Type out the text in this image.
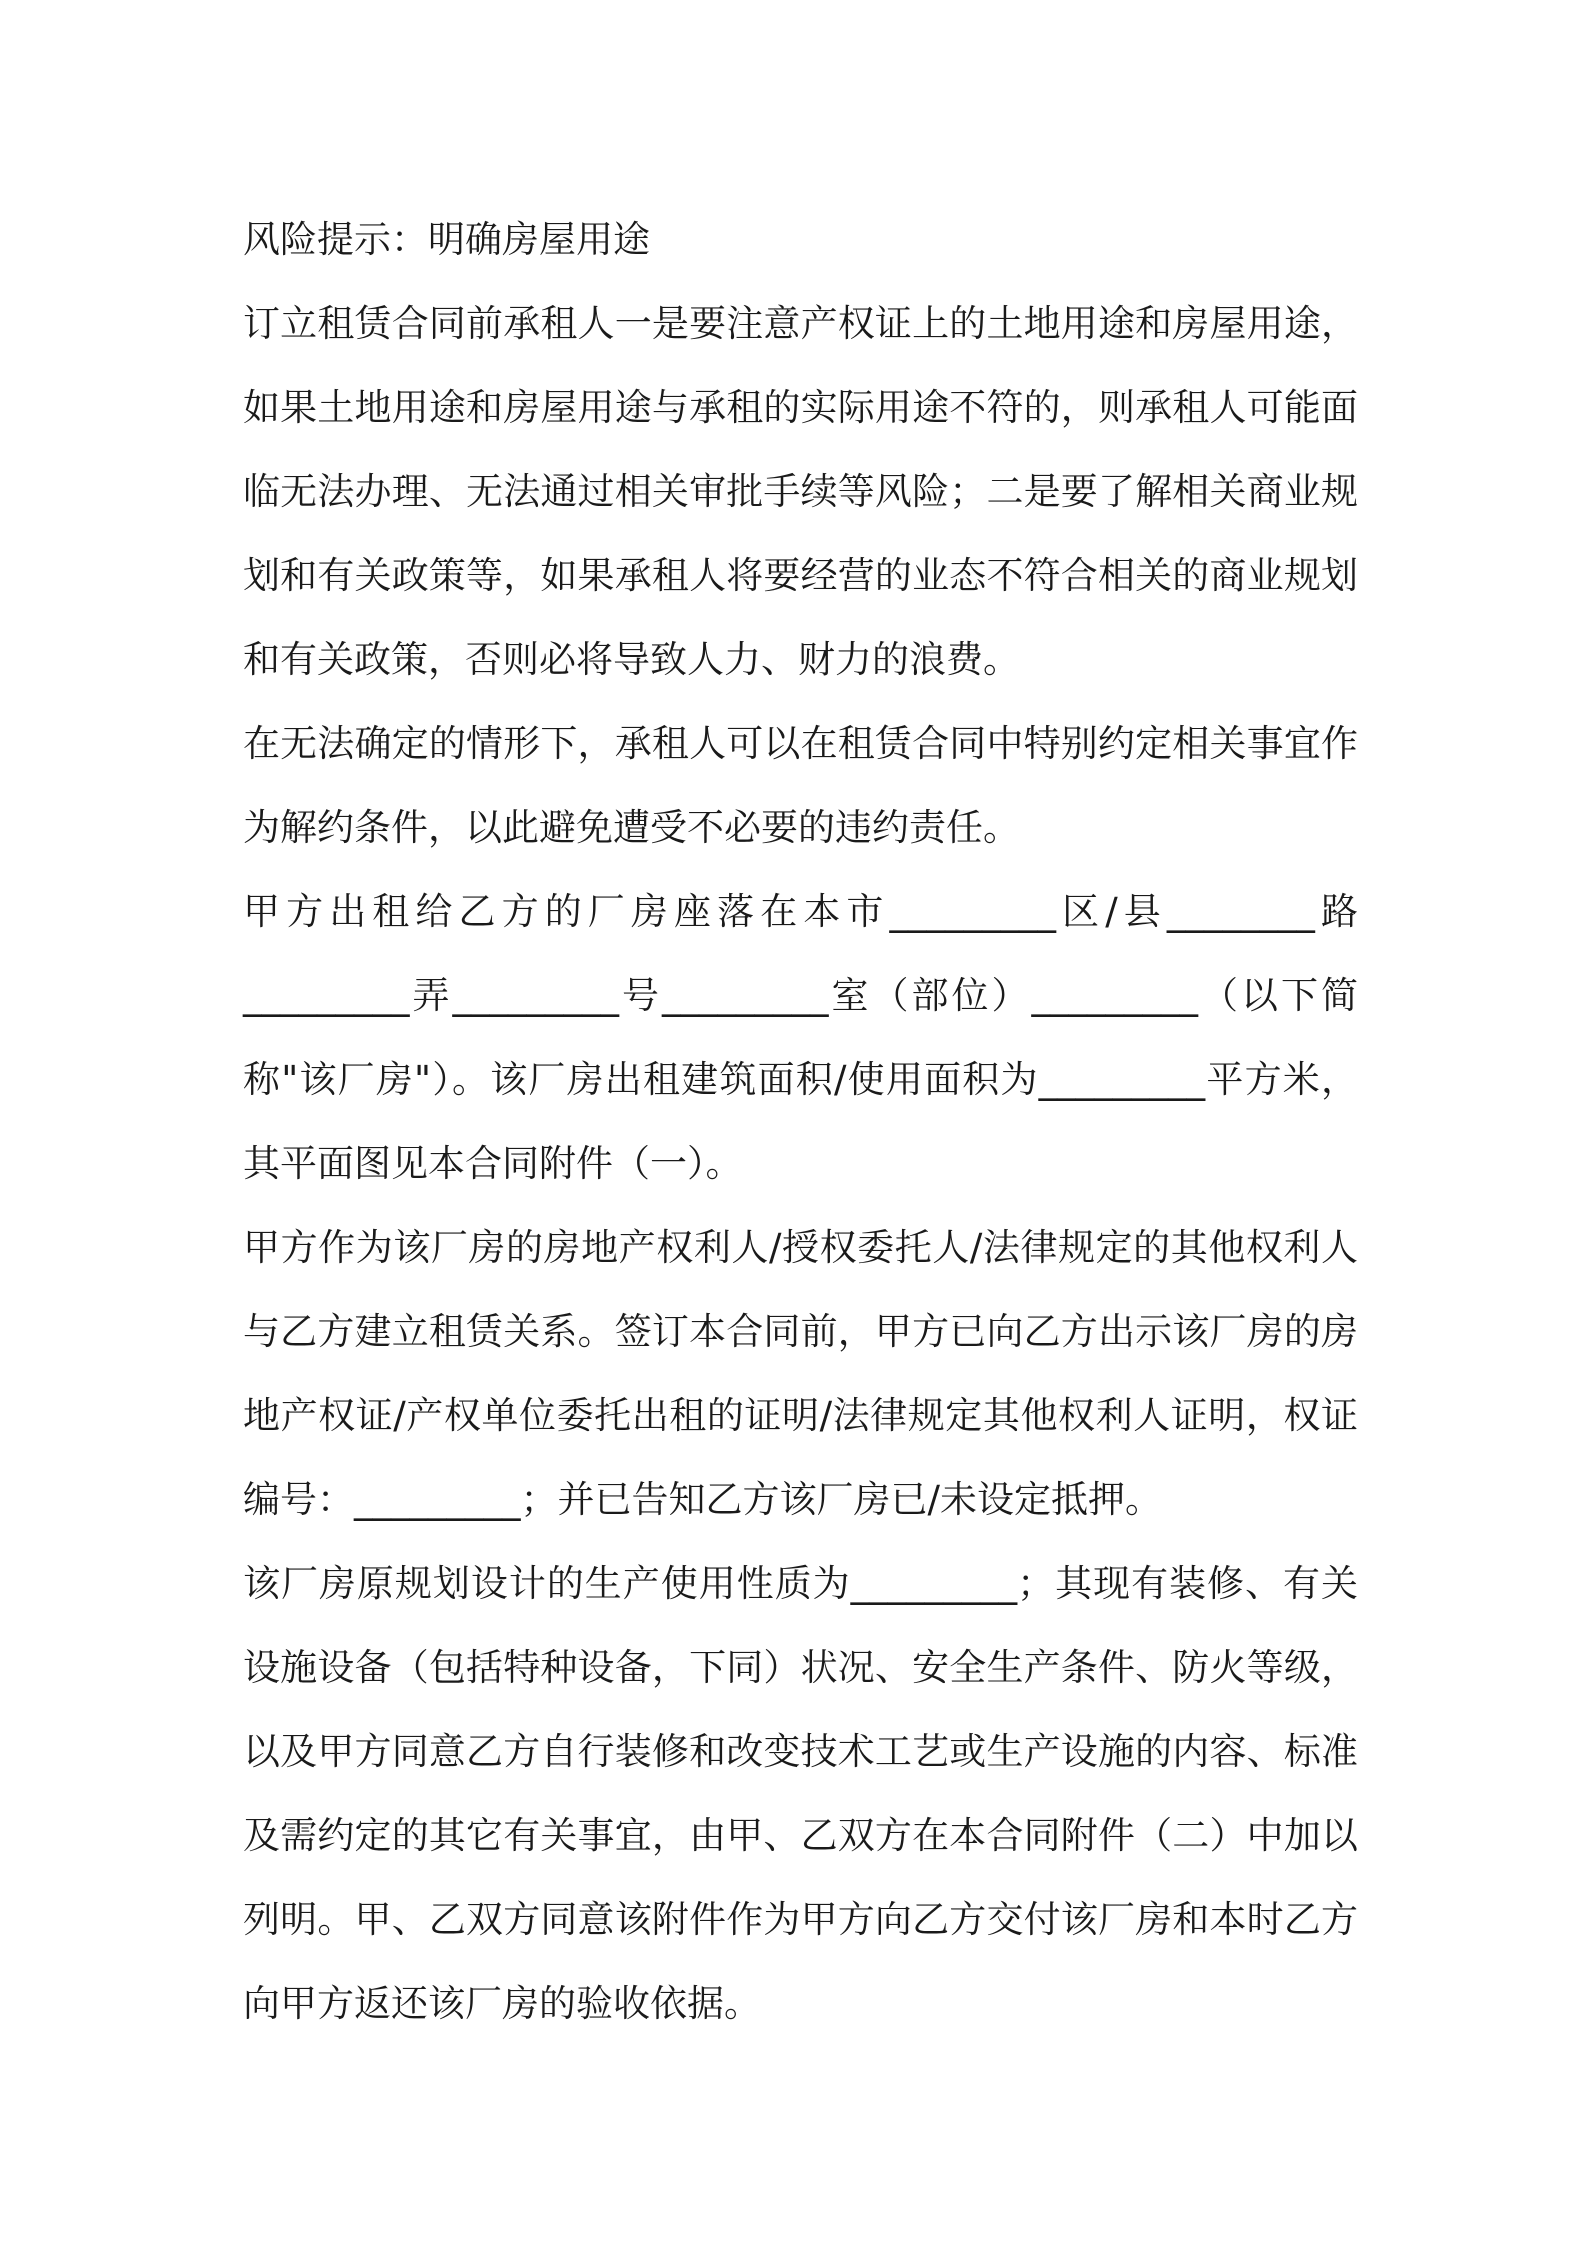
风险提示：明确房屋用途

订立租赁合同前承租人一是要注意产权证上的土地用途和房屋用途，如果土地用途和房屋用途与承租的实际用途不符的，则承租人可能面临无法办理、无法通过相关审批手续等风险；二是要了解相关商业规划和有关政策等，如果承租人将要经营的业态不符合相关的商业规划和有关政策，否则必将导致人力、财力的浪费。

在无法确定的情形下，承租人可以在租赁合同中特别约定相关事宜作为解约条件，以此避免遭受不必要的违约责任。

甲方出租给乙方的厂房座落在本市_________区/县________路_________弄_________号_________室（部位）_________（以下简称"该厂房"）。该厂房出租建筑面积/使用面积为_________平方米，其平面图见本合同附件（一）。

甲方作为该厂房的房地产权利人/授权委托人/法律规定的其他权利人与乙方建立租赁关系。签订本合同前，甲方已向乙方出示该厂房的房地产权证/产权单位委托出租的证明/法律规定其他权利人证明，权证编号：_________；并已告知乙方该厂房已/未设定抵押。

该厂房原规划设计的生产使用性质为_________；其现有装修、有关设施设备（包括特种设备，下同）状况、安全生产条件、防火等级，以及甲方同意乙方自行装修和改变技术工艺或生产设施的内容、标准及需约定的其它有关事宜，由甲、乙双方在本合同附件（二）中加以列明。甲、乙双方同意该附件作为甲方向乙方交付该厂房和本时乙方向甲方返还该厂房的验收依据。
